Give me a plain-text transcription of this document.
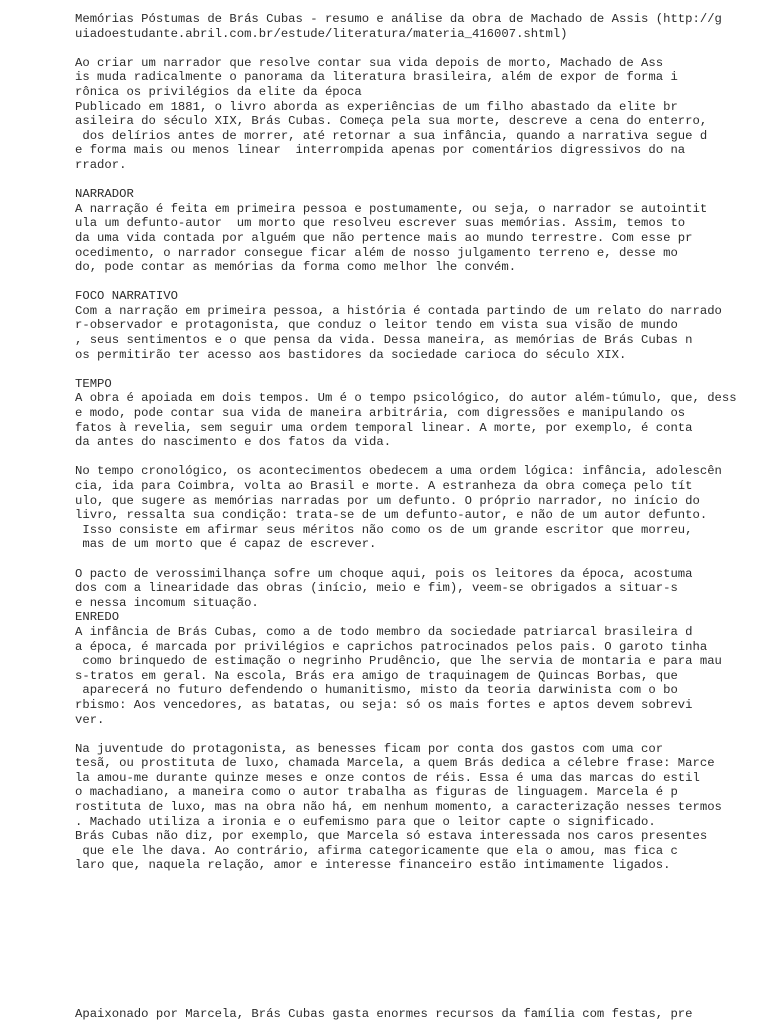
Memórias Póstumas de Brás Cubas - resumo e análise da obra de Machado de Assis (http://g
uiadoestudante.abril.com.br/estude/literatura/materia_416007.shtml)
Ao criar um narrador que resolve contar sua vida depois de morto, Machado de Ass
is muda radicalmente o panorama da literatura brasileira, além de expor de forma i
rônica os privilégios da elite da época
Publicado em 1881, o livro aborda as experiências de um filho abastado da elite br
asileira do século XIX, Brás Cubas. Começa pela sua morte, descreve a cena do enterro,
dos delírios antes de morrer, até retornar a sua infância, quando a narrativa segue d
e forma mais ou menos linear  interrompida apenas por comentários digressivos do na
rrador.
NARRADOR
A narração é feita em primeira pessoa e postumamente, ou seja, o narrador se autointit
ula um defunto-autor  um morto que resolveu escrever suas memórias. Assim, temos to
da uma vida contada por alguém que não pertence mais ao mundo terrestre. Com esse pr
ocedimento, o narrador consegue ficar além de nosso julgamento terreno e, desse mo
do, pode contar as memórias da forma como melhor lhe convém.
FOCO NARRATIVO
Com a narração em primeira pessoa, a história é contada partindo de um relato do narrado
r-observador e protagonista, que conduz o leitor tendo em vista sua visão de mundo
, seus sentimentos e o que pensa da vida. Dessa maneira, as memórias de Brás Cubas n
os permitirão ter acesso aos bastidores da sociedade carioca do século XIX.
TEMPO
A obra é apoiada em dois tempos. Um é o tempo psicológico, do autor além-túmulo, que, dess
e modo, pode contar sua vida de maneira arbitrária, com digressões e manipulando os
fatos à revelia, sem seguir uma ordem temporal linear. A morte, por exemplo, é conta
da antes do nascimento e dos fatos da vida.
No tempo cronológico, os acontecimentos obedecem a uma ordem lógica: infância, adolescên
cia, ida para Coimbra, volta ao Brasil e morte. A estranheza da obra começa pelo tít
ulo, que sugere as memórias narradas por um defunto. O próprio narrador, no início do
livro, ressalta sua condição: trata-se de um defunto-autor, e não de um autor defunto.
Isso consiste em afirmar seus méritos não como os de um grande escritor que morreu,
mas de um morto que é capaz de escrever.
O pacto de verossimilhança sofre um choque aqui, pois os leitores da época, acostuma
dos com a linearidade das obras (início, meio e fim), veem-se obrigados a situar-s
e nessa incomum situação.
ENREDO
A infância de Brás Cubas, como a de todo membro da sociedade patriarcal brasileira d
a época, é marcada por privilégios e caprichos patrocinados pelos pais. O garoto tinha
como brinquedo de estimação o negrinho Prudêncio, que lhe servia de montaria e para mau
s-tratos em geral. Na escola, Brás era amigo de traquinagem de Quincas Borbas, que
aparecerá no futuro defendendo o humanitismo, misto da teoria darwinista com o bo
rbismo: Aos vencedores, as batatas, ou seja: só os mais fortes e aptos devem sobrevi
ver.
Na juventude do protagonista, as benesses ficam por conta dos gastos com uma cor
tesã, ou prostituta de luxo, chamada Marcela, a quem Brás dedica a célebre frase: Marce
la amou-me durante quinze meses e onze contos de réis. Essa é uma das marcas do estil
o machadiano, a maneira como o autor trabalha as figuras de linguagem. Marcela é p
rostituta de luxo, mas na obra não há, em nenhum momento, a caracterização nesses termos
. Machado utiliza a ironia e o eufemismo para que o leitor capte o significado.
Brás Cubas não diz, por exemplo, que Marcela só estava interessada nos caros presentes
que ele lhe dava. Ao contrário, afirma categoricamente que ela o amou, mas fica c
laro que, naquela relação, amor e interesse financeiro estão intimamente ligados.
Apaixonado por Marcela, Brás Cubas gasta enormes recursos da família com festas, pre
